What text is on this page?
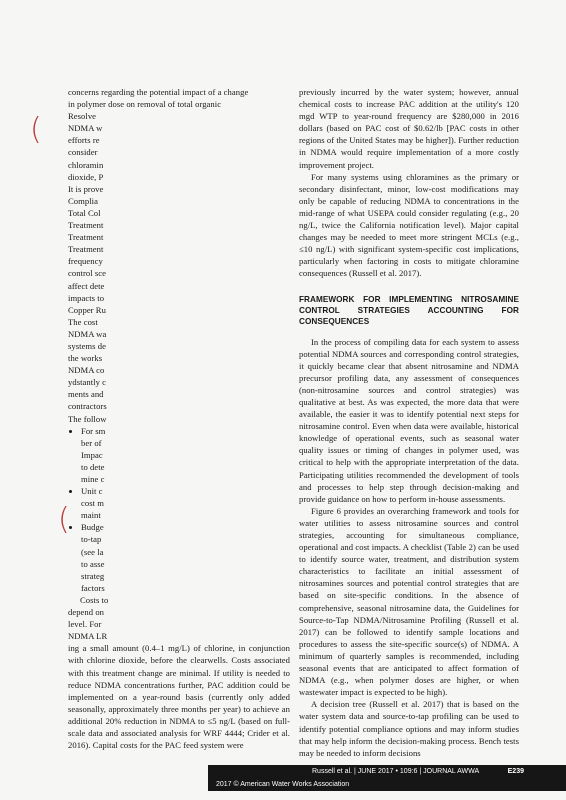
concerns regarding the potential impact of a change

in polymer dose on removal of total organic

Resolve
NDMA w
efforts re
consider
chloramin
dioxide, P
It is prove
Complia
Total Col
Treatment
Treatment
Treatment
frequency
control sce
affect dete
impacts to
Copper Ru
The cost
NDMA wa
systems de
the works
NDMA co
ydstantly c
ments and
contractors
The follow
• For sm
ber of
Impac
to dete
mine c
• Unit c
cost m
maint
• Budge
to-tap
(see la
to asse
strateg
factors
Costs to
depend on
level. For
NDMA LR

ing a small amount (0.4–1 mg/L) of chlorine, in conjunction with chlorine dioxide, before the clearwells. Costs associated with this treatment change are minimal. If utility is needed to reduce NDMA concentrations further, PAC addition could be implemented on a year-round basis (currently only added seasonally, approximately three months per year) to achieve an additional 20% reduction in NDMA to ≤5 ng/L (based on full-scale data and associated analysis for WRF 4444; Crider et al. 2016). Capital costs for the PAC feed system were

previously incurred by the water system; however, annual chemical costs to increase PAC addition at the utility's 120 mgd WTP to year-round frequency are $280,000 in 2016 dollars (based on PAC cost of $0.62/lb [PAC costs in other regions of the United States may be higher]). Further reduction in NDMA would require implementation of a more costly improvement project.

For many systems using chloramines as the primary or secondary disinfectant, minor, low-cost modifications may only be capable of reducing NDMA to concentrations in the mid-range of what USEPA could consider regulating (e.g., 20 ng/L, twice the California notification level). Major capital changes may be needed to meet more stringent MCLs (e.g., ≤10 ng/L) with significant system-specific cost implications, particularly when factoring in costs to mitigate chloramine consequences (Russell et al. 2017).

FRAMEWORK FOR IMPLEMENTING NITROSAMINE CONTROL STRATEGIES ACCOUNTING FOR CONSEQUENCES

In the process of compiling data for each system to assess potential NDMA sources and corresponding control strategies, it quickly became clear that absent nitrosamine and NDMA precursor profiling data, any assessment of consequences (non-nitrosamine sources and control strategies) was qualitative at best. As was expected, the more data that were available, the easier it was to identify potential next steps for nitrosamine control. Even when data were available, historical knowledge of operational events, such as seasonal water quality issues or timing of changes in polymer used, was critical to help with the appropriate interpretation of the data. Participating utilities recommended the development of tools and processes to help step through decision-making and provide guidance on how to perform in-house assessments.

Figure 6 provides an overarching framework and tools for water utilities to assess nitrosamine sources and control strategies, accounting for simultaneous compliance, operational and cost impacts. A checklist (Table 2) can be used to identify source water, treatment, and distribution system characteristics to facilitate an initial assessment of nitrosamines sources and potential control strategies that are based on site-specific conditions. In the absence of comprehensive, seasonal nitrosamine data, the Guidelines for Source-to-Tap NDMA/Nitrosamine Profiling (Russell et al. 2017) can be followed to identify sample locations and procedures to assess the site-specific source(s) of NDMA. A minimum of quarterly samples is recommended, including seasonal events that are anticipated to affect formation of NDMA (e.g., when polymer doses are higher, or when wastewater impact is expected to be high).

A decision tree (Russell et al. 2017) that is based on the water system data and source-to-tap profiling can be used to identify potential compliance options and may inform studies that may help inform the decision-making process. Bench tests may be needed to inform decisions

(
(
Russell et al. | JUNE 2017 • 109:6 | JOURNAL AWWA	E239
2017 © American Water Works Association
